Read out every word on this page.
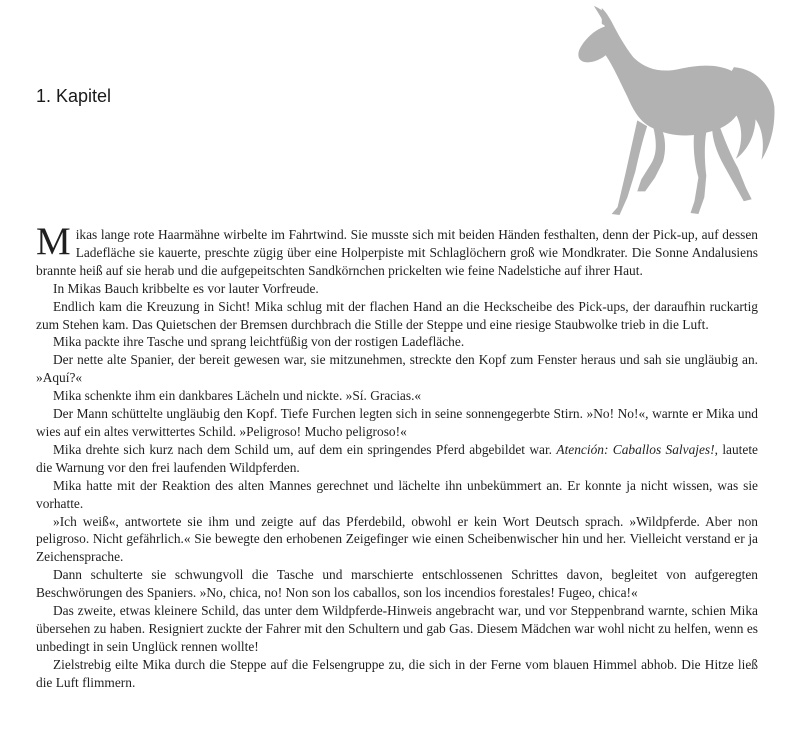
1. Kapitel

Mikas lange rote Haarmähne wirbelte im Fahrtwind. Sie musste sich mit beiden Händen festhalten, denn der Pick-up, auf dessen Ladefläche sie kauerte, preschte zügig über eine Holperpiste mit Schlaglöchern groß wie Mondkrater. Die Sonne Andalusiens brannte heiß auf sie herab und die aufgepeitschten Sandkörnchen prickelten wie feine Nadelstiche auf ihrer Haut.

In Mikas Bauch kribbelte es vor lauter Vorfreude.

Endlich kam die Kreuzung in Sicht! Mika schlug mit der flachen Hand an die Heckscheibe des Pick-ups, der daraufhin ruckartig zum Stehen kam. Das Quietschen der Bremsen durchbrach die Stille der Steppe und eine riesige Staubwolke trieb in die Luft.

Mika packte ihre Tasche und sprang leichtfüßig von der rostigen Ladefläche.

Der nette alte Spanier, der bereit gewesen war, sie mitzunehmen, streckte den Kopf zum Fenster heraus und sah sie ungläubig an. »Aquí?«

Mika schenkte ihm ein dankbares Lächeln und nickte. »Sí. Gracias.«

Der Mann schüttelte ungläubig den Kopf. Tiefe Furchen legten sich in seine sonnengegerbte Stirn. »No! No!«, warnte er Mika und wies auf ein altes verwittertes Schild. »Peligroso! Mucho peligroso!«

Mika drehte sich kurz nach dem Schild um, auf dem ein springendes Pferd abgebildet war. Atención: Caballos Salvajes!, lautete die Warnung vor den frei laufenden Wildpferden.

Mika hatte mit der Reaktion des alten Mannes gerechnet und lächelte ihn unbekümmert an. Er konnte ja nicht wissen, was sie vorhatte.

»Ich weiß«, antwortete sie ihm und zeigte auf das Pferdebild, obwohl er kein Wort Deutsch sprach. »Wildpferde. Aber non peligroso. Nicht gefährlich.« Sie bewegte den erhobenen Zeigefinger wie einen Scheibenwischer hin und her. Vielleicht verstand er ja Zeichensprache.

Dann schulterte sie schwungvoll die Tasche und marschierte entschlossenen Schrittes davon, begleitet von aufgeregten Beschwörungen des Spaniers. »No, chica, no! Non son los caballos, son los incendios forestales! Fugeo, chica!«

Das zweite, etwas kleinere Schild, das unter dem Wildpferde-Hinweis angebracht war, und vor Steppenbrand warnte, schien Mika übersehen zu haben. Resigniert zuckte der Fahrer mit den Schultern und gab Gas. Diesem Mädchen war wohl nicht zu helfen, wenn es unbedingt in sein Unglück rennen wollte!

Zielstrebig eilte Mika durch die Steppe auf die Felsengruppe zu, die sich in der Ferne vom blauen Himmel abhob. Die Hitze ließ die Luft flimmern.
